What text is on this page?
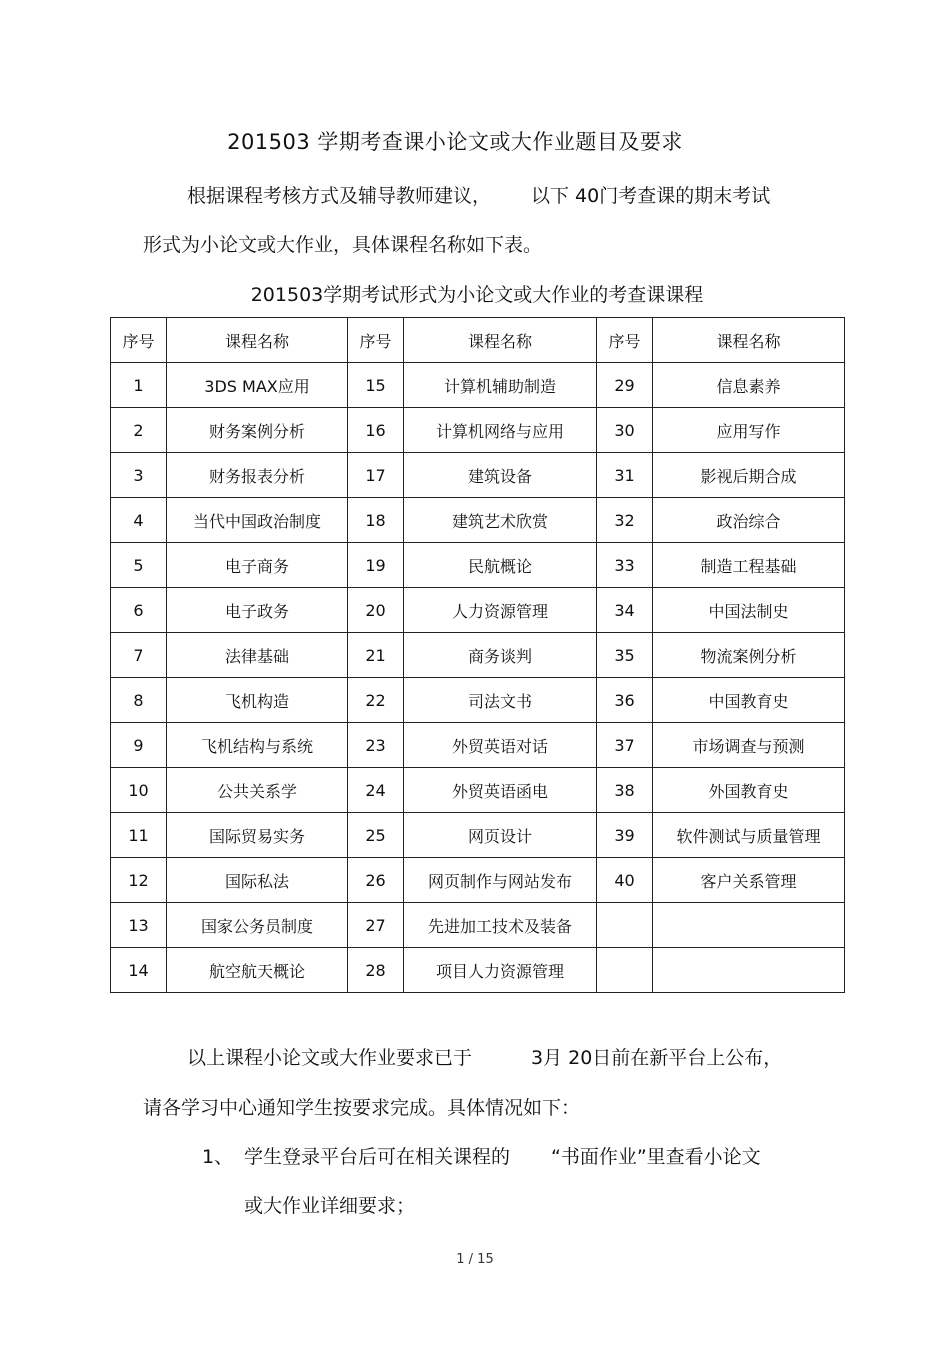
201503 学期考查课小论文或大作业题目及要求
根据课程考核方式及辅导教师建议， 以下 40门考查课的期末考试
形式为小论文或大作业，具体课程名称如下表。
201503学期考试形式为小论文或大作业的考查课课程
序号	课程名称	序号	课程名称	序号	课程名称
1	3DS MAX应用	15	计算机辅助制造	29	信息素养
2	财务案例分析	16	计算机网络与应用	30	应用写作
3	财务报表分析	17	建筑设备	31	影视后期合成
4	当代中国政治制度	18	建筑艺术欣赏	32	政治综合
5	电子商务	19	民航概论	33	制造工程基础
6	电子政务	20	人力资源管理	34	中国法制史
7	法律基础	21	商务谈判	35	物流案例分析
8	飞机构造	22	司法文书	36	中国教育史
9	飞机结构与系统	23	外贸英语对话	37	市场调查与预测
10	公共关系学	24	外贸英语函电	38	外国教育史
11	国际贸易实务	25	网页设计	39	软件测试与质量管理
12	国际私法	26	网页制作与网站发布	40	客户关系管理
13	国家公务员制度	27	先进加工技术及装备		
14	航空航天概论	28	项目人力资源管理		
以上课程小论文或大作业要求已于	3月 20日前在新平台上公布，
请各学习中心通知学生按要求完成。具体情况如下：
1、 学生登录平台后可在相关课程的 “书面作业”里查看小论文
或大作业详细要求；
1 / 15
